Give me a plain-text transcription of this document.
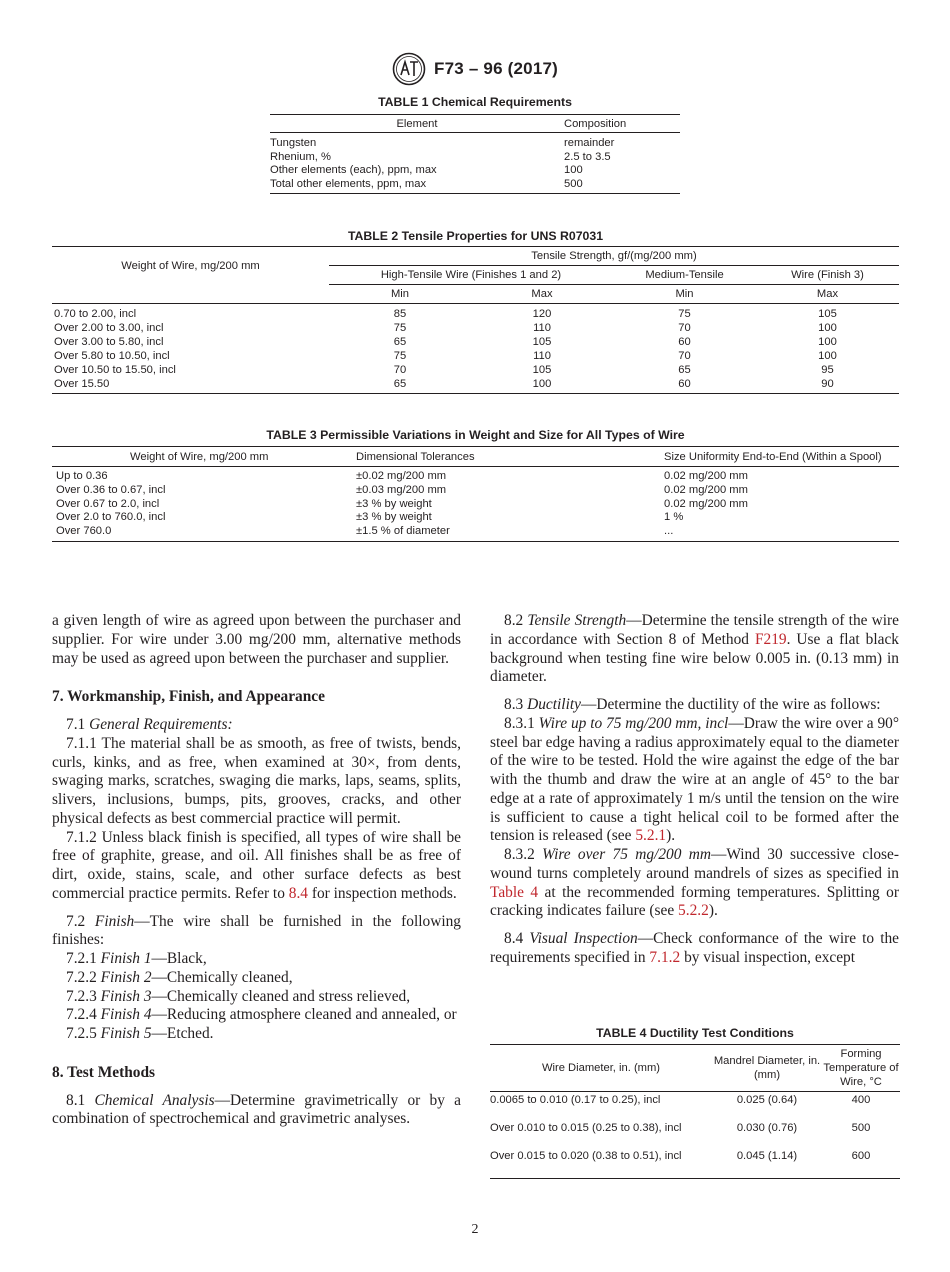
F73 – 96 (2017)
TABLE 1 Chemical Requirements
Element	Composition
Tungsten	remainder
Rhenium, %	2.5 to 3.5
Other elements (each), ppm, max	100
Total other elements, ppm, max	500
TABLE 2 Tensile Properties for UNS R07031
Weight of Wire, mg/200 mm	Tensile Strength, gf/(mg/200 mm)			
	High-Tensile Wire (Finishes 1 and 2)		Medium-Tensile	Wire (Finish 3)
	Min	Max	Min	Max
0.70 to 2.00, incl	85	120	75	105
Over 2.00 to 3.00, incl	75	110	70	100
Over 3.00 to 5.80, incl	65	105	60	100
Over 5.80 to 10.50, incl	75	110	70	100
Over 10.50 to 15.50, incl	70	105	65	95
Over 15.50	65	100	60	90
TABLE 3 Permissible Variations in Weight and Size for All Types of Wire
Weight of Wire, mg/200 mm	Dimensional Tolerances	Size Uniformity End-to-End (Within a Spool)
Up to 0.36	±0.02 mg/200 mm	0.02 mg/200 mm
Over 0.36 to 0.67, incl	±0.03 mg/200 mm	0.02 mg/200 mm
Over 0.67 to 2.0, incl	±3 % by weight	0.02 mg/200 mm
Over 2.0 to 760.0, incl	±3 % by weight	1 %
Over 760.0	±1.5 % of diameter	...

a given length of wire as agreed upon between the purchaser and supplier. For wire under 3.00 mg/200 mm, alternative methods may be used as agreed upon between the purchaser and supplier.

7. Workmanship, Finish, and Appearance

7.1 General Requirements:

7.1.1 The material shall be as smooth, as free of twists, bends, curls, kinks, and as free, when examined at 30×, from dents, swaging marks, scratches, swaging die marks, laps, seams, splits, slivers, inclusions, bumps, pits, grooves, cracks, and other physical defects as best commercial practice will permit.

7.1.2 Unless black finish is specified, all types of wire shall be free of graphite, grease, and oil. All finishes shall be as free of dirt, oxide, stains, scale, and other surface defects as best commercial practice permits. Refer to 8.4 for inspection methods.

7.2 Finish—The wire shall be furnished in the following finishes:

7.2.1 Finish 1—Black,

7.2.2 Finish 2—Chemically cleaned,

7.2.3 Finish 3—Chemically cleaned and stress relieved,

7.2.4 Finish 4—Reducing atmosphere cleaned and annealed, or

7.2.5 Finish 5—Etched.

8. Test Methods

8.1 Chemical Analysis—Determine gravimetrically or by a combination of spectrochemical and gravimetric analyses.

8.2 Tensile Strength—Determine the tensile strength of the wire in accordance with Section 8 of Method F219. Use a flat black background when testing fine wire below 0.005 in. (0.13 mm) in diameter.

8.3 Ductility—Determine the ductility of the wire as follows:

8.3.1 Wire up to 75 mg/200 mm, incl—Draw the wire over a 90° steel bar edge having a radius approximately equal to the diameter of the wire to be tested. Hold the wire against the edge of the bar with the thumb and draw the wire at an angle of 45° to the bar edge at a rate of approximately 1 m/s until the tension on the wire is sufficient to cause a tight helical coil to be formed after the tension is released (see 5.2.1).

8.3.2 Wire over 75 mg/200 mm—Wind 30 successive close-wound turns completely around mandrels of sizes as specified in Table 4 at the recommended forming temperatures. Splitting or cracking indicates failure (see 5.2.2).

8.4 Visual Inspection—Check conformance of the wire to the requirements specified in 7.1.2 by visual inspection, except

TABLE 4 Ductility Test Conditions
Wire Diameter, in. (mm)	Mandrel Diameter, in. (mm)	Forming Temperature of Wire, °C
0.0065 to 0.010 (0.17 to 0.25), incl	0.025 (0.64)	400
Over 0.010 to 0.015 (0.25 to 0.38), incl	0.030 (0.76)	500
Over 0.015 to 0.020 (0.38 to 0.51), incl	0.045 (1.14)	600
2
